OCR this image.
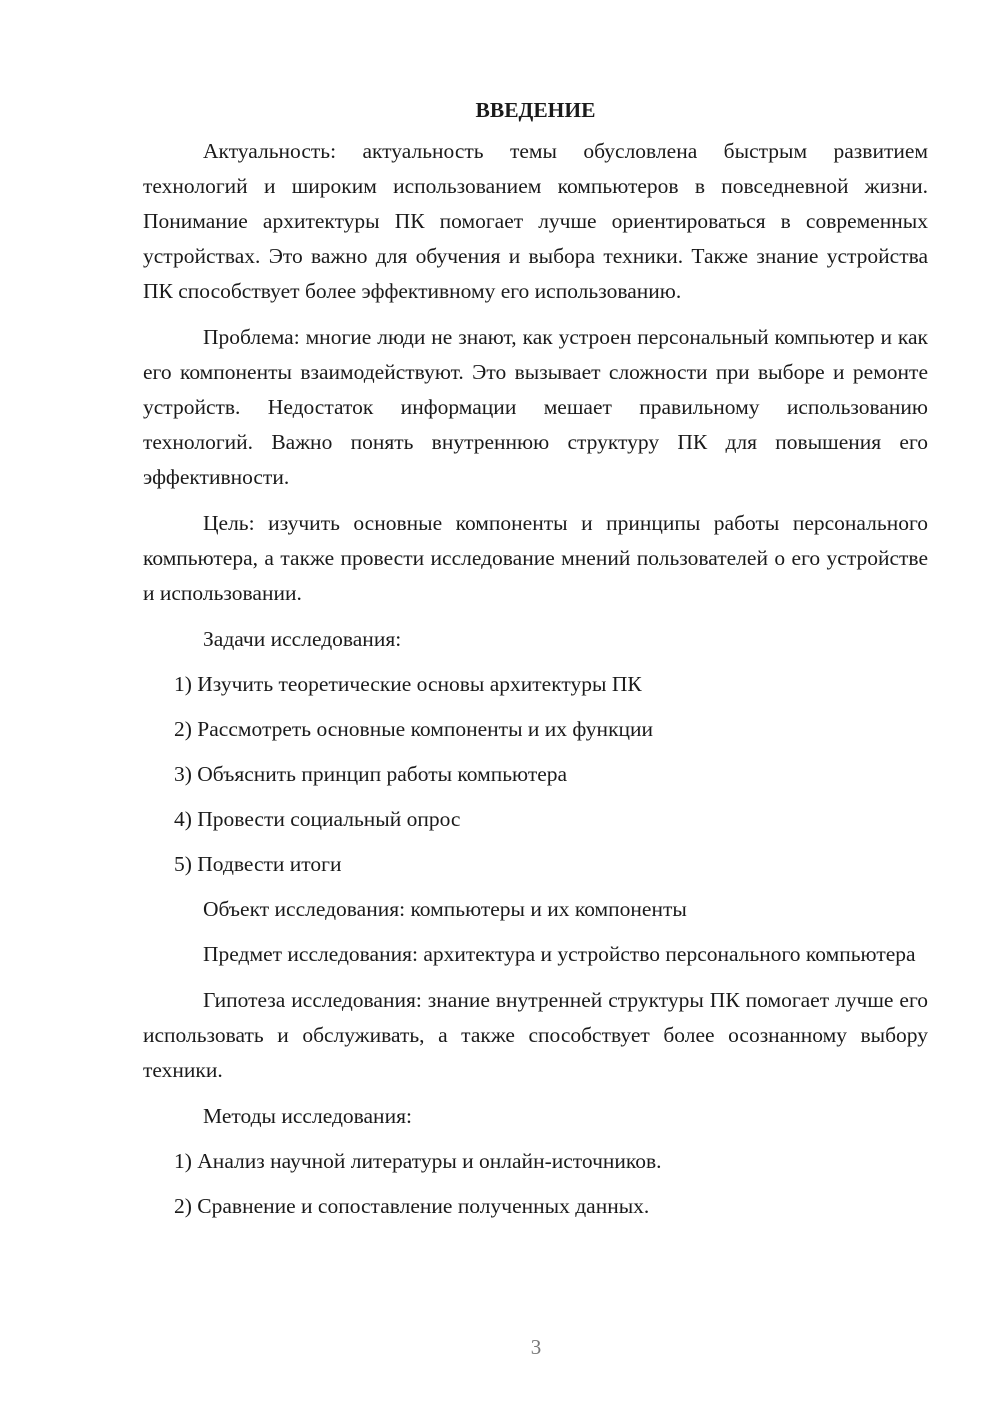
ВВЕДЕНИЕ

Актуальность: актуальность темы обусловлена быстрым развитием технологий и широким использованием компьютеров в повседневной жизни. Понимание архитектуры ПК помогает лучше ориентироваться в современных устройствах. Это важно для обучения и выбора техники. Также знание устройства ПК способствует более эффективному его использованию.

Проблема: многие люди не знают, как устроен персональный компьютер и как его компоненты взаимодействуют. Это вызывает сложности при выборе и ремонте устройств. Недостаток информации мешает правильному использованию технологий. Важно понять внутреннюю структуру ПК для повышения его эффективности.

Цель: изучить основные компоненты и принципы работы персонального компьютера, а также провести исследование мнений пользователей о его устройстве и использовании.

Задачи исследования:

1) Изучить теоретические основы архитектуры ПК

2) Рассмотреть основные компоненты и их функции

3) Объяснить принцип работы компьютера

4) Провести социальный опрос

5) Подвести итоги

Объект исследования: компьютеры и их компоненты

Предмет исследования: архитектура и устройство персонального компьютера

Гипотеза исследования: знание внутренней структуры ПК помогает лучше его использовать и обслуживать, а также способствует более осознанному выбору техники.

Методы исследования:

1) Анализ научной литературы и онлайн-источников.

2) Сравнение и сопоставление полученных данных.

3
